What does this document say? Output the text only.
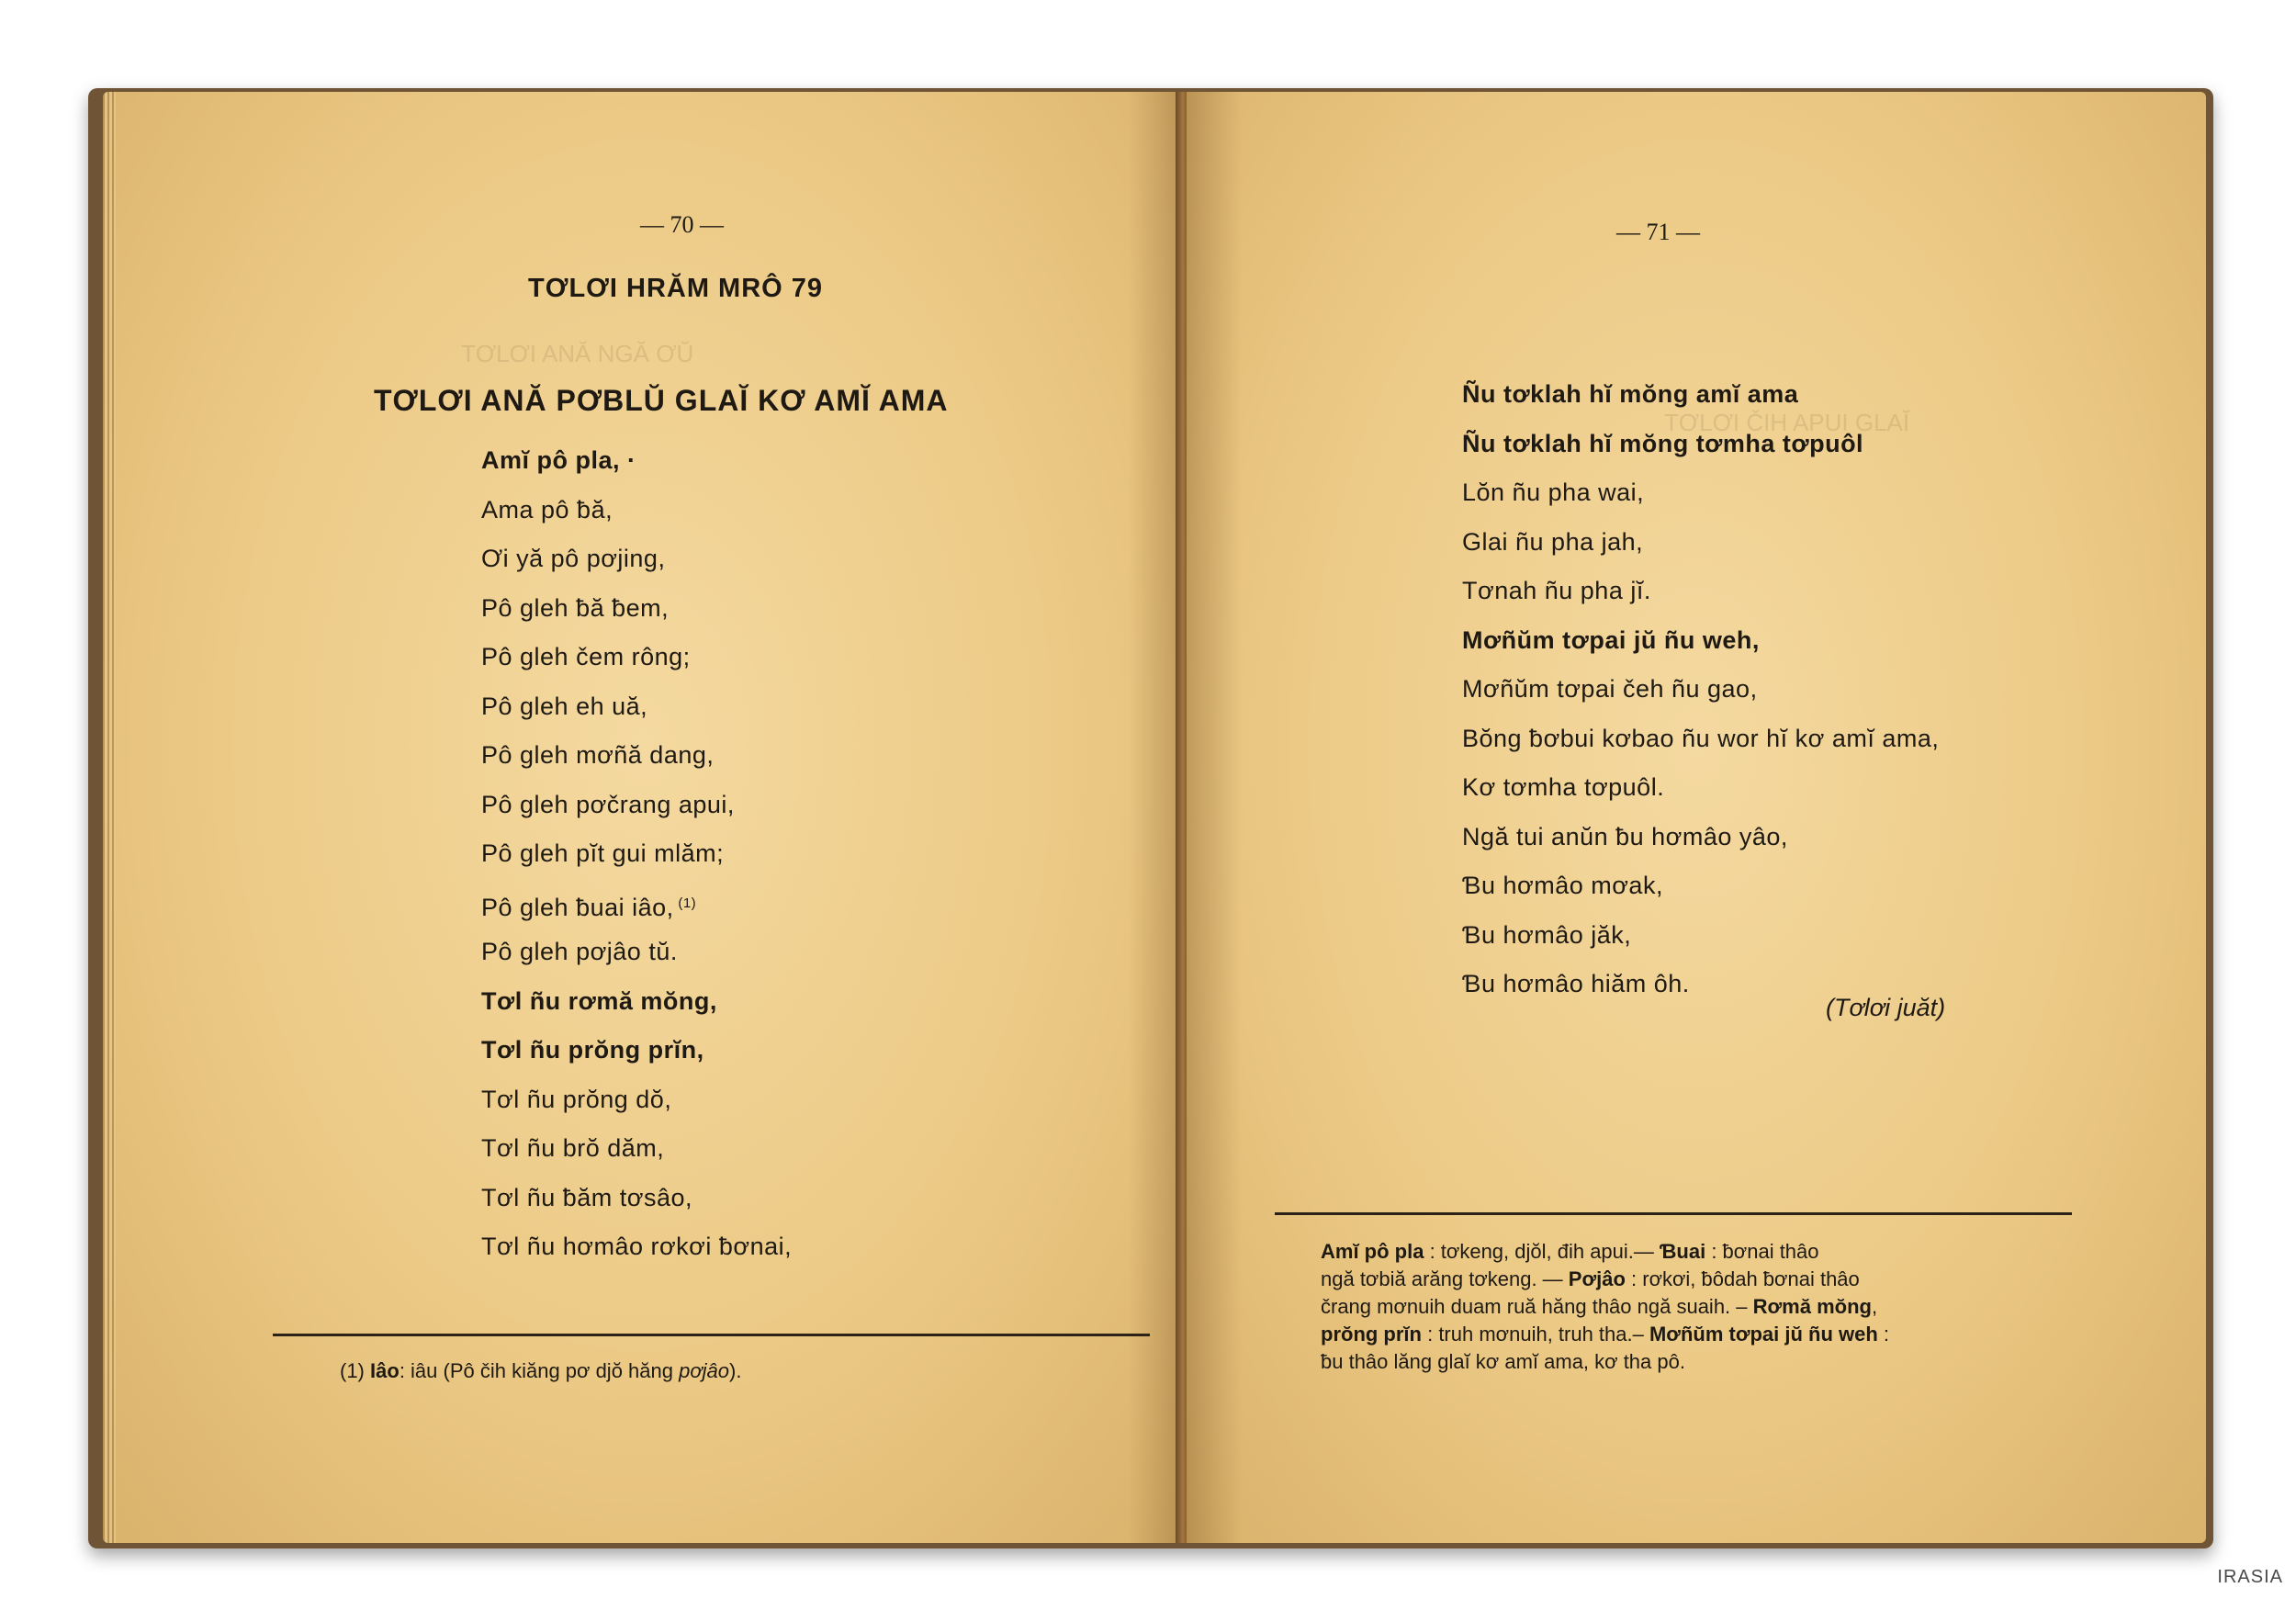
TƠLƠI ANĂ NGĂ ƠŬ
— 70 —
TƠLƠI HRĂM MRÔ 79
TƠLƠI ANĂ PƠBLŬ GLAĬ KƠ AMĬ AMA
Amĭ pô pla, ·
Ama pô ƀă,
Ơi yă pô pơjing,
Pô gleh ƀă ƀem,
Pô gleh čem rông;
Pô gleh eh uă,
Pô gleh mơñă dang,
Pô gleh pơčrang apui,
Pô gleh pĭt gui mlăm;
Pô gleh ƀuai iâo, $^{(1)}$
Pô gleh pơjâo tŭ.
Tơl ñu rơmă mŏng,
Tơl ñu prŏng prĭn,
Tơl ñu prŏng dŏ,
Tơl ñu brŏ dăm,
Tơl ñu ƀăm tơsâo,
Tơl ñu hơmâo rơkơi ƀơnai,
(1) Iâo: iâu (Pô čih kiăng pơ djŏ hăng pơjâo).
TƠLƠI ČIH APUI GLAĬ
— 71 —
Ñu tơklah hĭ mŏng amĭ ama
Ñu tơklah hĭ mŏng tơmha tơpuôl
Lŏn ñu pha wai,
Glai ñu pha jah,
Tơnah ñu pha jĭ.
Mơñŭm tơpai jŭ ñu weh,
Mơñŭm tơpai čeh ñu gao,
Bŏng ƀơbui kơbao ñu wor hĭ kơ amĭ ama,
Kơ tơmha tơpuôl.
Ngă tui anŭn ƀu hơmâo yâo,
Ɓu hơmâo mơak,
Ɓu hơmâo jăk,
Ɓu hơmâo hiăm ôh.
(Tơlơi juăt)
Amĭ pô pla : tơkeng, djŏl, đih apui.— Ɓuai : ƀơnai thâo
ngă tơbiă arăng tơkeng. — Pơjâo : rơkơi, ƀôdah ƀơnai thâo
črang mơnuih duam ruă hăng thâo ngă suaih. – Rơmă mŏng,
prŏng prĭn : truh mơnuih, truh tha.– Mơñŭm tơpai jŭ ñu weh :
ƀu thâo lăng glaĭ kơ amĭ ama, kơ tha pô.
IRASIA
